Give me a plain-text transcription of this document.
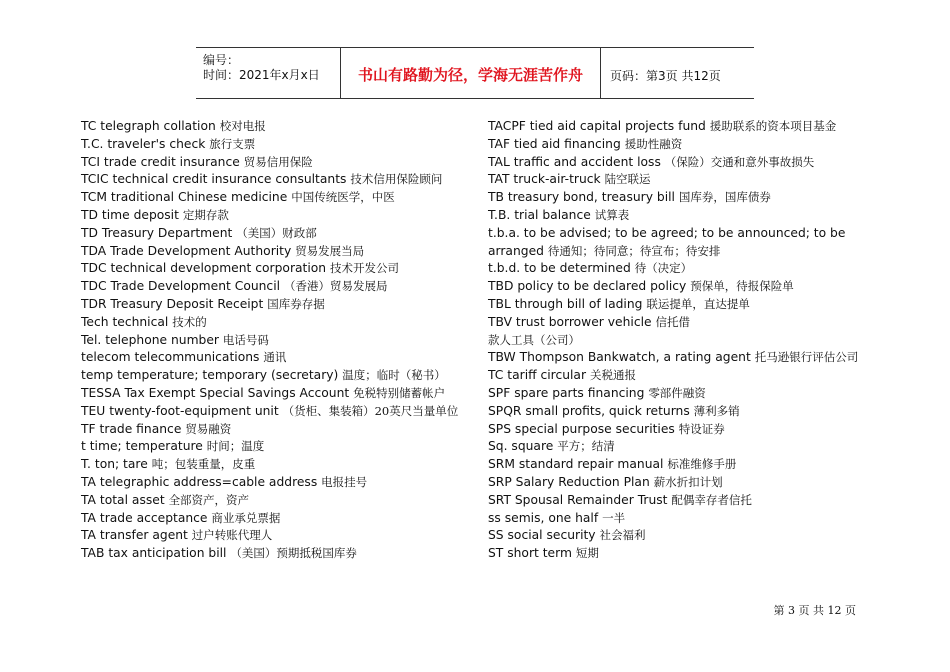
编号：
时间：2021年x月x日	书山有路勤为径，学海无涯苦作舟	页码：第3页 共12页
TC telegraph collation 校对电报
T.C. traveler's check 旅行支票
TCI trade credit insurance 贸易信用保险
TCIC technical credit insurance consultants 技术信用保险顾问
TCM traditional Chinese medicine 中国传统医学，中医
TD time deposit 定期存款
TD Treasury Department （美国）财政部
TDA Trade Development Authority 贸易发展当局
TDC technical development corporation 技术开发公司
TDC Trade Development Council （香港）贸易发展局
TDR Treasury Deposit Receipt 国库券存据
Tech technical 技术的
Tel. telephone number 电话号码
telecom telecommunications 通讯
temp temperature; temporary (secretary) 温度；临时（秘书）
TESSA Tax Exempt Special Savings Account 免税特别储蓄帐户
TEU twenty-foot-equipment unit （货柜、集装箱）20英尺当量单位
TF trade finance 贸易融资
t time; temperature 时间；温度
T. ton; tare 吨；包装重量，皮重
TA telegraphic address=cable address 电报挂号
TA total asset 全部资产，资产
TA trade acceptance 商业承兑票据
TA transfer agent 过户转账代理人
TAB tax anticipation bill （美国）预期抵税国库券
TACPF tied aid capital projects fund 援助联系的资本项目基金
TAF tied aid financing 援助性融资
TAL traffic and accident loss （保险）交通和意外事故损失
TAT truck-air-truck 陆空联运
TB treasury bond, treasury bill 国库券，国库债券
T.B. trial balance 试算表
t.b.a. to be advised; to be agreed; to be announced; to be
arranged 待通知；待同意；待宣布；待安排
t.b.d. to be determined 待（决定）
TBD policy to be declared policy 预保单，待报保险单
TBL through bill of lading 联运提单，直达提单
TBV trust borrower vehicle 信托借
款人工具（公司）
TBW Thompson Bankwatch, a rating agent 托马逊银行评估公司
TC tariff circular 关税通报
SPF spare parts financing 零部件融资
SPQR small profits, quick returns 薄利多销
SPS special purpose securities 特设证券
Sq. square 平方；结清
SRM standard repair manual 标准维修手册
SRP Salary Reduction Plan 薪水折扣计划
SRT Spousal Remainder Trust 配偶幸存者信托
ss semis, one half 一半
SS social security 社会福利
ST short term 短期
第 3 页 共 12 页
